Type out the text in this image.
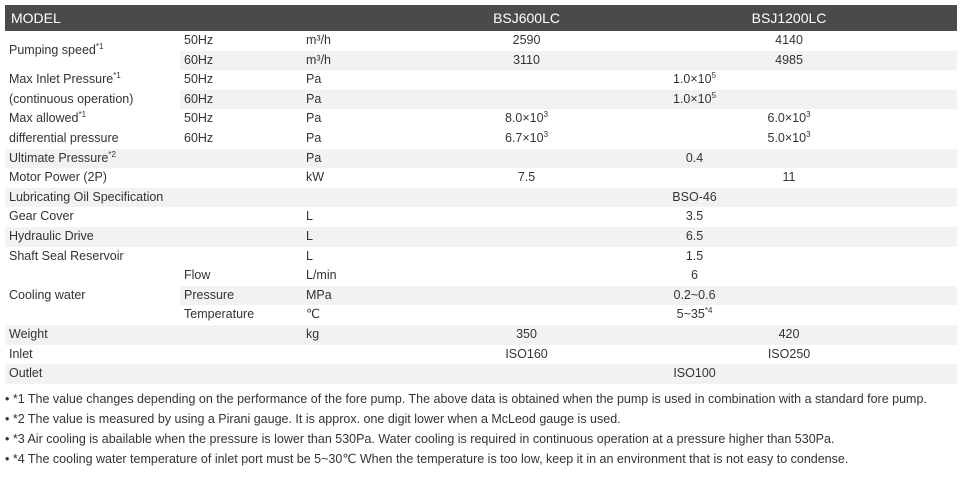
MODEL			BSJ600LC	BSJ1200LC
Pumping speed$^{*1}$	50Hz	m³/h	2590	4140
	60Hz	m³/h	3110	4985
Max Inlet Pressure$^{*1}$
(continuous operation)	50Hz	Pa	$1.0\times 10^5$
	60Hz	Pa	$1.0\times 10^5$
Max allowed$^{*1}$
differential pressure	50Hz	Pa	$8.0\times 10^3$	$6.0\times 10^3$
	60Hz	Pa	$6.7\times 10^3$	$5.0\times 10^3$
Ultimate Pressure$^{*2}$		Pa	0.4	
Motor Power (2P)		kW	7.5	11
Lubricating Oil Specification			BSO-46	
Gear Cover		L	3.5	
Hydraulic Drive		L	6.5	
Shaft Seal Reservoir		L	1.5	
Cooling water	Flow	L/min	6	
	Pressure	MPa	0.2~0.6	
	Temperature	℃	5~35$^{*4}$
Weight		kg	350	420
Inlet			ISO160	ISO250
Outlet			ISO100	
• *1 The value changes depending on the performance of the fore pump. The above data is obtained when the pump is used in combination with a standard fore pump.
• *2 The value is measured by using a Pirani gauge. It is approx. one digit lower when a McLeod gauge is used.
• *3 Air cooling is abailable when the pressure is lower than 530Pa. Water cooling is required in continuous operation at a pressure higher than 530Pa.
• *4 The cooling water temperature of inlet port must be 5~30℃ When the temperature is too low, keep it in an environment that is not easy to condense.
